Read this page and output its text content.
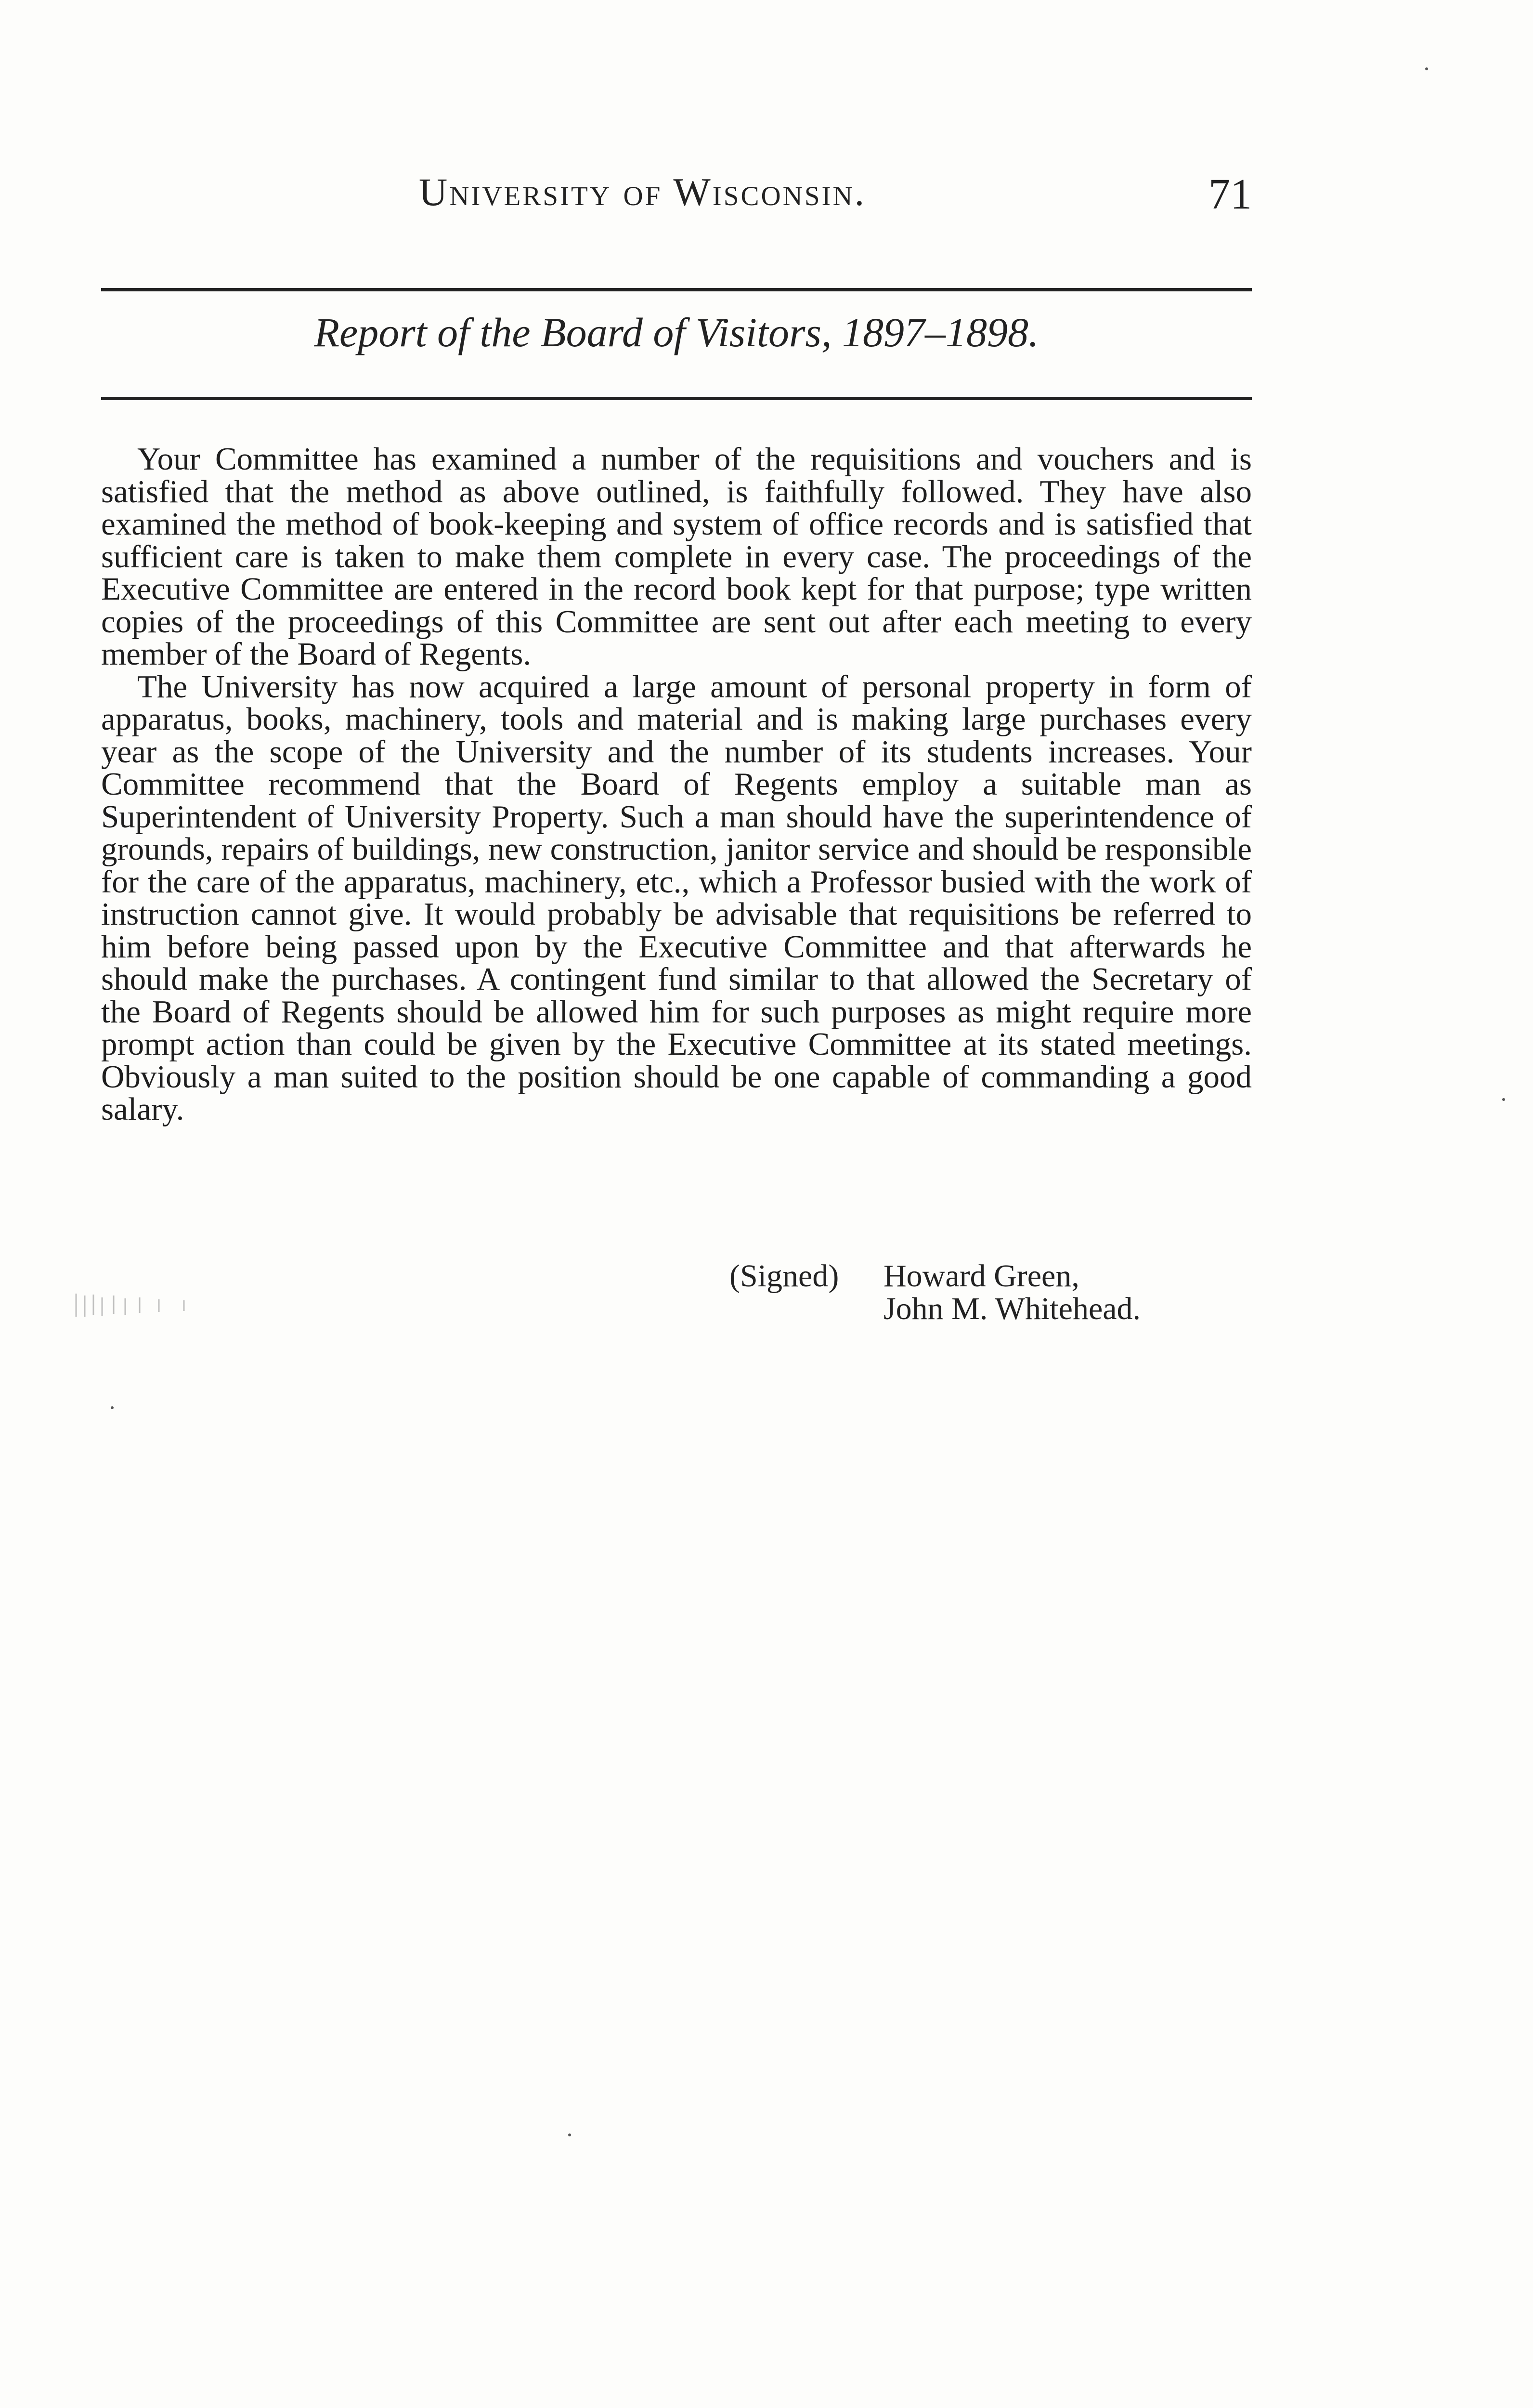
University of Wisconsin.	71
Report of the Board of Visitors, 1897–1898.

Your Committee has examined a number of the requisitions and vouchers and is satisfied that the method as above outlined, is faithfully followed. They have also examined the method of book-keeping and system of office records and is satisfied that sufficient care is taken to make them complete in every case. The proceedings of the Executive Committee are entered in the record book kept for that purpose; type written copies of the proceedings of this Committee are sent out after each meeting to every member of the Board of Regents.

The University has now acquired a large amount of personal property in form of apparatus, books, machinery, tools and material and is making large purchases every year as the scope of the University and the number of its students increases. Your Committee recommend that the Board of Regents employ a suitable man as Superintendent of University Property. Such a man should have the superintendence of grounds, repairs of buildings, new construction, janitor service and should be responsible for the care of the apparatus, machinery, etc., which a Professor busied with the work of instruction cannot give. It would probably be advisable that requisitions be referred to him before being passed upon by the Executive Committee and that afterwards he should make the purchases. A contingent fund similar to that allowed the Secretary of the Board of Regents should be allowed him for such purposes as might require more prompt action than could be given by the Executive Committee at its stated meetings. Obviously a man suited to the position should be one capable of commanding a good salary.

(Signed) Howard Green,
John M. Whitehead.
